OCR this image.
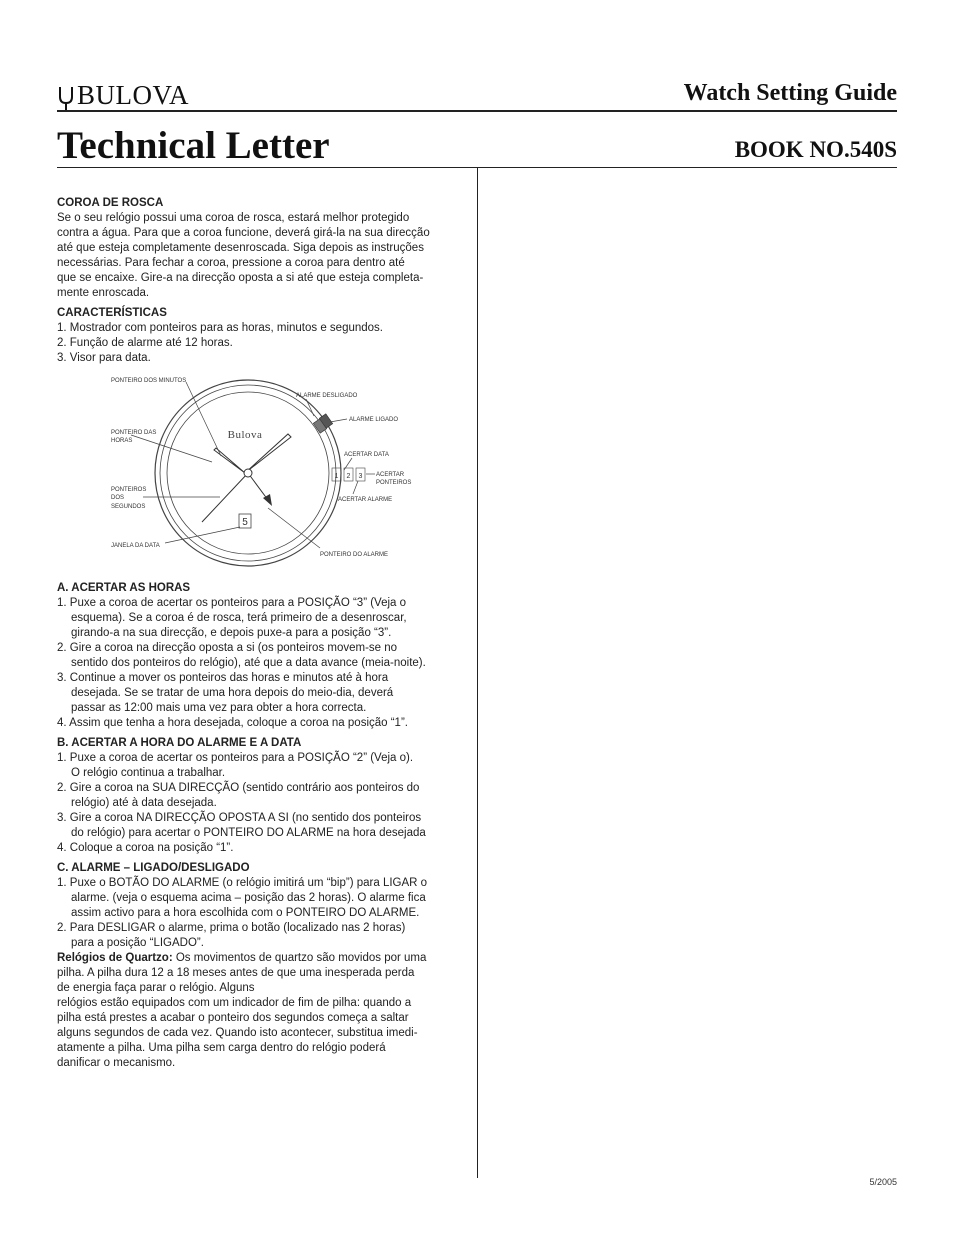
BULOVA	Watch Setting Guide
Technical Letter	BOOK NO.540S
COROA DE ROSCA
Se o seu relógio possui uma coroa de rosca, estará melhor protegido
contra a água. Para que a coroa funcione, deverá girá-la na sua direcção
até que esteja completamente desenroscada. Siga depois as instruções
necessárias. Para fechar a coroa, pressione a coroa para dentro até
que se encaixe. Gire-a na direcção oposta a si até que esteja completa-
mente enroscada.
CARACTERÍSTICAS
1. Mostrador com ponteiros para as horas, minutos e segundos.
2. Função de alarme até 12 horas.
3. Visor para data.
1 2 3
Bulova
5
PONTEIRO DOS MINUTOS
PONTEIRO DAS
HORAS
PONTEIROS
DOS
SEGUNDOS
JANELA DA DATA
ALARME DESLIGADO
ALARME LIGADO
ACERTAR DATA
ACERTAR
PONTEIROS
ACERTAR ALARME
PONTEIRO DO ALARME
A. ACERTAR AS HORAS
1. Puxe a coroa de acertar os ponteiros para a POSIÇÃO “3” (Veja o
esquema). Se a coroa é de rosca, terá primeiro de a desenroscar,
girando-a na sua direcção, e depois puxe-a para a posição “3”.
2. Gire a coroa na direcção oposta a si (os ponteiros movem-se no
sentido dos ponteiros do relógio), até que a data avance (meia-noite).
3. Continue a mover os ponteiros das horas e minutos até à hora
desejada. Se se tratar de uma hora depois do meio-dia, deverá
passar as 12:00 mais uma vez para obter a hora correcta.
4. Assim que tenha a hora desejada, coloque a coroa na posição “1”.
B. ACERTAR A HORA DO ALARME E A DATA
1. Puxe a coroa de acertar os ponteiros para a POSIÇÃO “2” (Veja o).
O relógio continua a trabalhar.
2. Gire a coroa na SUA DIRECÇÃO (sentido contrário aos ponteiros do
relógio) até à data desejada.
3. Gire a coroa NA DIRECÇÃO OPOSTA A SI (no sentido dos ponteiros
do relógio) para acertar o PONTEIRO DO ALARME na hora desejada
4. Coloque a coroa na posição “1”.
C. ALARME – LIGADO/DESLIGADO
1. Puxe o BOTÃO DO ALARME (o relógio imitirá um “bip”) para LIGAR o
alarme. (veja o esquema acima – posição das 2 horas). O alarme fica
assim activo para a hora escolhida com o PONTEIRO DO ALARME.
2. Para DESLIGAR o alarme, prima o botão (localizado nas 2 horas)
para a posição “LIGADO”.
Relógios de Quartzo: Os movimentos de quartzo são movidos por uma
pilha. A pilha dura 12 a 18 meses antes de que uma inesperada perda
de energia faça parar o relógio. Alguns
relógios estão equipados com um indicador de fim de pilha: quando a
pilha está prestes a acabar o ponteiro dos segundos começa a saltar
alguns segundos de cada vez. Quando isto acontecer, substitua imedi-
atamente a pilha. Uma pilha sem carga dentro do relógio poderá
danificar o mecanismo.
5/2005
